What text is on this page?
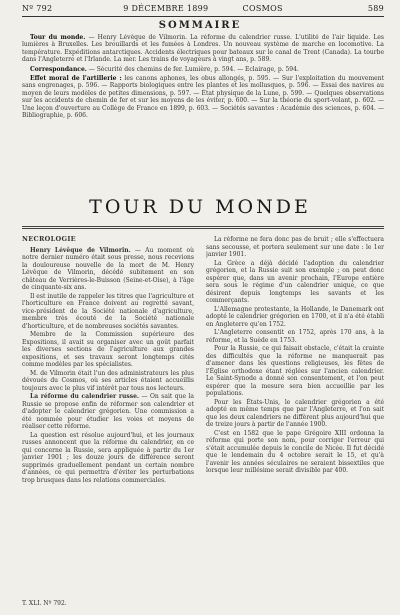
Nº 792	9 DÉCEMBRE 1899	COSMOS	589
SOMMAIRE

Tour du monde. — Henry Lévêque de Vilmorin. La réforme du calendrier russe. L'utilité de l'air liquide. Les lumières à Bruxelles. Les brouillards et les fumées à Londres. Un nouveau système de marche en locomotive. La température. Expéditions antarctiques. Accidents électriques pour bateaux sur le canal de Trent (Canada). La tourbe dans l'Angleterre et l'Irlande. La mer. Les trains de voyageurs à vingt ans, p. 589.

Correspondance. — Sécurité des chemins de fer. Lumière, p. 594. — Eclairage, p. 594.

Effet moral de l'artillerie : les canons aphones, les obus allongés, p. 595. — Sur l'exploitation du mouvement sans engrenages, p. 596. — Rapports biologiques entre les plantes et les mollusques, p. 596. — Essai des navires au moyen de leurs modèles de petites dimensions, p. 597. — État physique de la Lune, p. 599. — Quelques observations sur les accidents de chemin de fer et sur les moyens de les éviter, p. 600. — Sur la théorie du sport-volant, p. 602. — Une leçon d'ouverture au Collège de France en 1899, p. 603. — Sociétés savantes : Académie des sciences, p. 604. — Bibliographie, p. 606.

TOUR DU MONDE
NÉCROLOGIE

Henry Lévêque de Vilmorin. — Au moment où notre dernier numéro était sous presse, nous recevions la douloureuse nouvelle de la mort de M. Henry Lévêque de Vilmorin, décédé subitement en son château de Verrières-le-Buisson (Seine-et-Oise), à l'âge de cinquante-six ans.

Il est inutile de rappeler les titres que l'agriculture et l'horticulture en France doivent au regretté savant, vice-président de la Société nationale d'agriculture, membre très écouté de la Société nationale d'horticulture, et de nombreuses sociétés savantes.

Membre de la Commission supérieure des Expositions, il avait su organiser avec un goût parfait les diverses sections de l'agriculture aux grandes expositions, et ses travaux seront longtemps cités comme modèles par les spécialistes.

M. de Vilmorin était l'un des administrateurs les plus dévoués du Cosmos, où ses articles étaient accueillis toujours avec le plus vif intérêt par tous nos lecteurs.

La réforme du calendrier russe. — On sait que la Russie se propose enfin de réformer son calendrier et d'adopter le calendrier grégorien. Une commission a été nommée pour étudier les voies et moyens de réaliser cette réforme.

La question est résolue aujourd'hui, et les journaux russes annoncent que la réforme du calendrier, en ce qui concerne la Russie, sera appliquée à partir du 1er janvier 1901 ; les douze jours de différence seront supprimés graduellement pendant un certain nombre d'années, ce qui permettra d'éviter les perturbations trop brusques dans les relations commerciales.

La réforme ne fera donc pas de bruit ; elle s'effectuera sans secousse, et portera seulement sur une date : le 1er janvier 1901.

La Grèce a déjà décidé l'adoption du calendrier grégorien, et la Russie suit son exemple ; on peut donc espérer que, dans un avenir prochain, l'Europe entière sera sous le régime d'un calendrier unique, ce que désirent depuis longtemps les savants et les commerçants.

L'Allemagne protestante, la Hollande, le Danemark ont adopté le calendrier grégorien en 1700, et il n'a été établi en Angleterre qu'en 1752.

L'Angleterre consentit en 1752, après 170 ans, à la réforme, et la Suède en 1753.

Pour la Russie, ce qui faisait obstacle, c'était la crainte des difficultés que la réforme ne manquerait pas d'amener dans les questions religieuses, les fêtes de l'Église orthodoxe étant réglées sur l'ancien calendrier. Le Saint-Synode a donné son consentement, et l'on peut espérer que la mesure sera bien accueillie par les populations.

Pour les États-Unis, le calendrier grégorien a été adopté en même temps que par l'Angleterre, et l'on sait que les deux calendriers ne diffèrent plus aujourd'hui que de treize jours à partir de l'année 1900.

C'est en 1582 que le pape Grégoire XIII ordonna la réforme qui porte son nom, pour corriger l'erreur qui s'était accumulée depuis le concile de Nicée. Il fut décidé que le lendemain du 4 octobre serait le 15, et qu'à l'avenir les années séculaires ne seraient bissextiles que lorsque leur millésime serait divisible par 400.

T. XLI. Nº 792.
